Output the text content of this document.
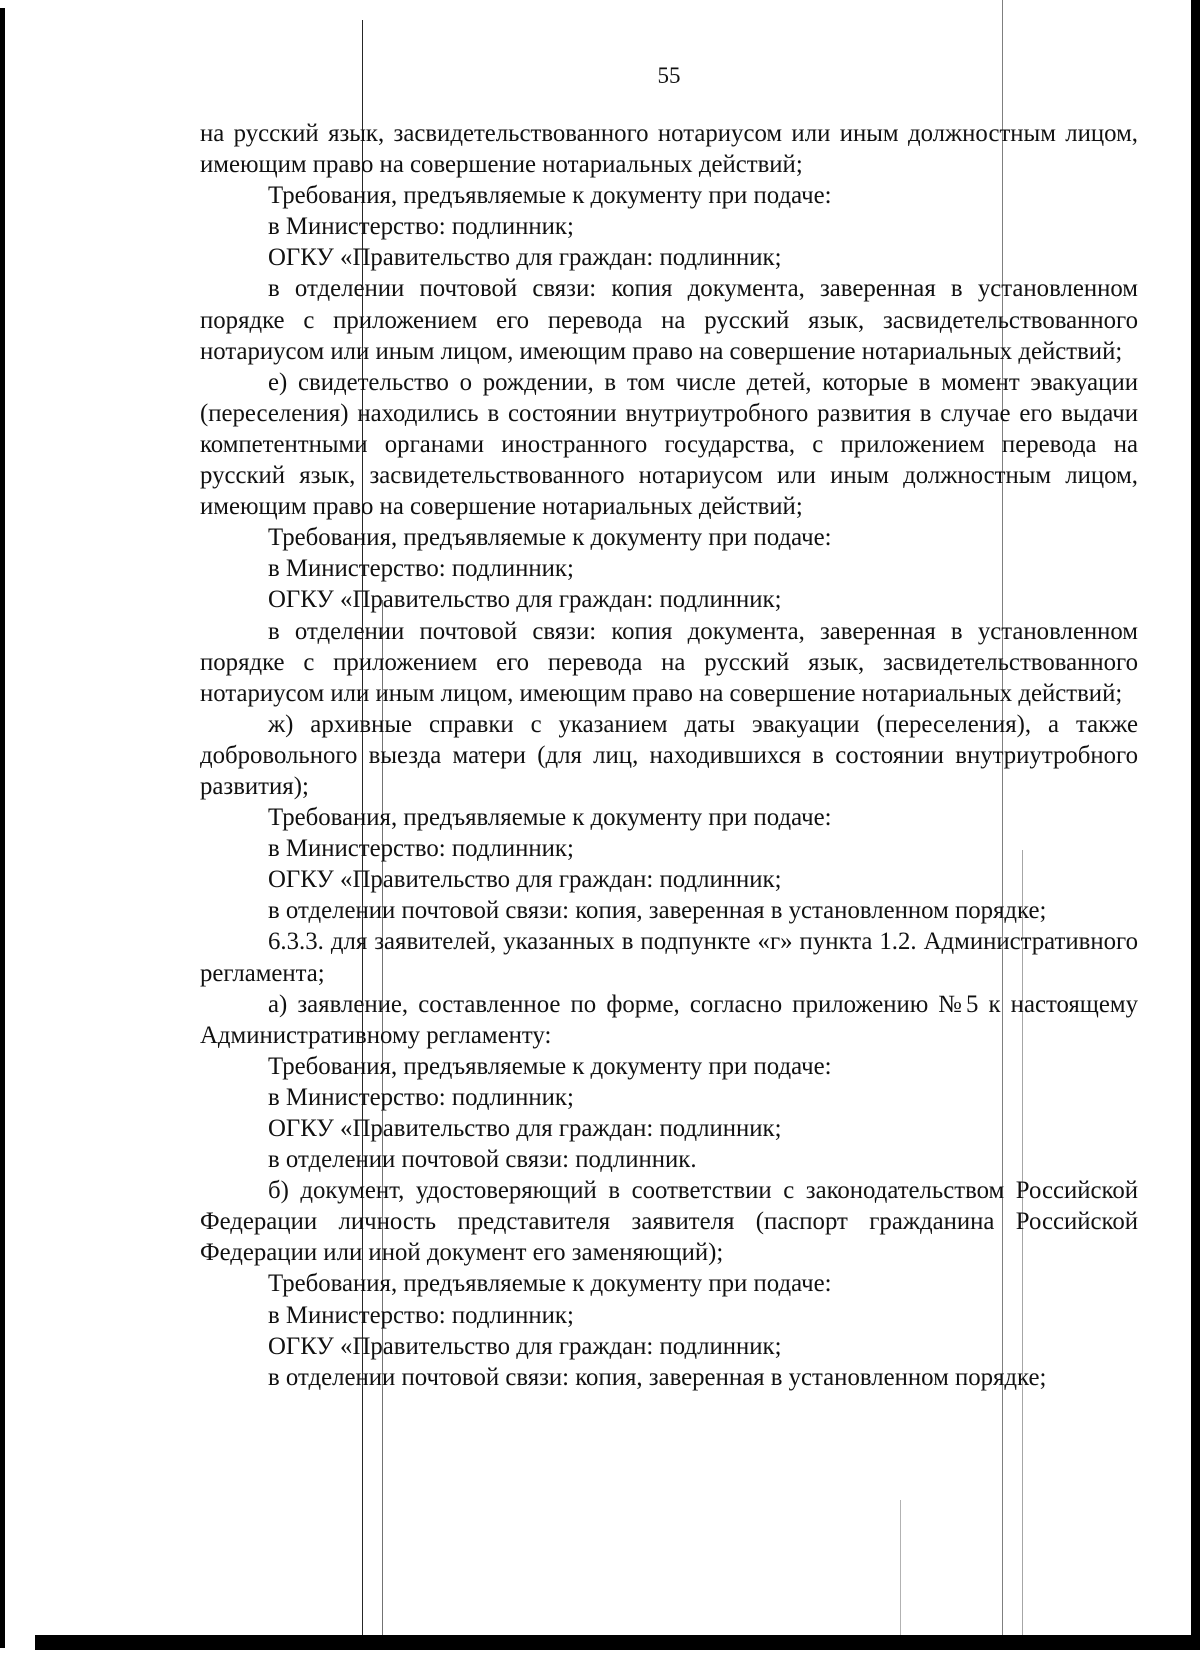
55

на русский язык, засвидетельствованного нотариусом или иным должностным лицом, имеющим право на совершение нотариальных действий;

Требования, предъявляемые к документу при подаче:

в Министерство: подлинник;

ОГКУ «Правительство для граждан: подлинник;

в отделении почтовой связи: копия документа, заверенная в установленном порядке с приложением его перевода на русский язык, засвидетельствованного нотариусом или иным лицом, имеющим право на совершение нотариальных действий;

е) свидетельство о рождении, в том числе детей, которые в момент эвакуации (переселения) находились в состоянии внутриутробного развития в случае его выдачи компетентными органами иностранного государства, с приложением перевода на русский язык, засвидетельствованного нотариусом или иным должностным лицом, имеющим право на совершение нотариальных действий;

Требования, предъявляемые к документу при подаче:

в Министерство: подлинник;

ОГКУ «Правительство для граждан: подлинник;

в отделении почтовой связи: копия документа, заверенная в установленном порядке с приложением его перевода на русский язык, засвидетельствованного нотариусом или иным лицом, имеющим право на совершение нотариальных действий;

ж) архивные справки с указанием даты эвакуации (переселения), а также добровольного выезда матери (для лиц, находившихся в состоянии внутриутробного развития);

Требования, предъявляемые к документу при подаче:

в Министерство: подлинник;

ОГКУ «Правительство для граждан: подлинник;

в отделении почтовой связи: копия, заверенная в установленном порядке;

6.3.3. для заявителей, указанных в подпункте «г» пункта 1.2. Административного регламента;

а) заявление, составленное по форме, согласно приложению №5 к настоящему Административному регламенту:

Требования, предъявляемые к документу при подаче:

в Министерство: подлинник;

ОГКУ «Правительство для граждан: подлинник;

в отделении почтовой связи: подлинник.

б) документ, удостоверяющий в соответствии с законодательством Российской Федерации личность представителя заявителя (паспорт гражданина Российской Федерации или иной документ его заменяющий);

Требования, предъявляемые к документу при подаче:

в Министерство: подлинник;

ОГКУ «Правительство для граждан: подлинник;

в отделении почтовой связи: копия, заверенная в установленном порядке;
